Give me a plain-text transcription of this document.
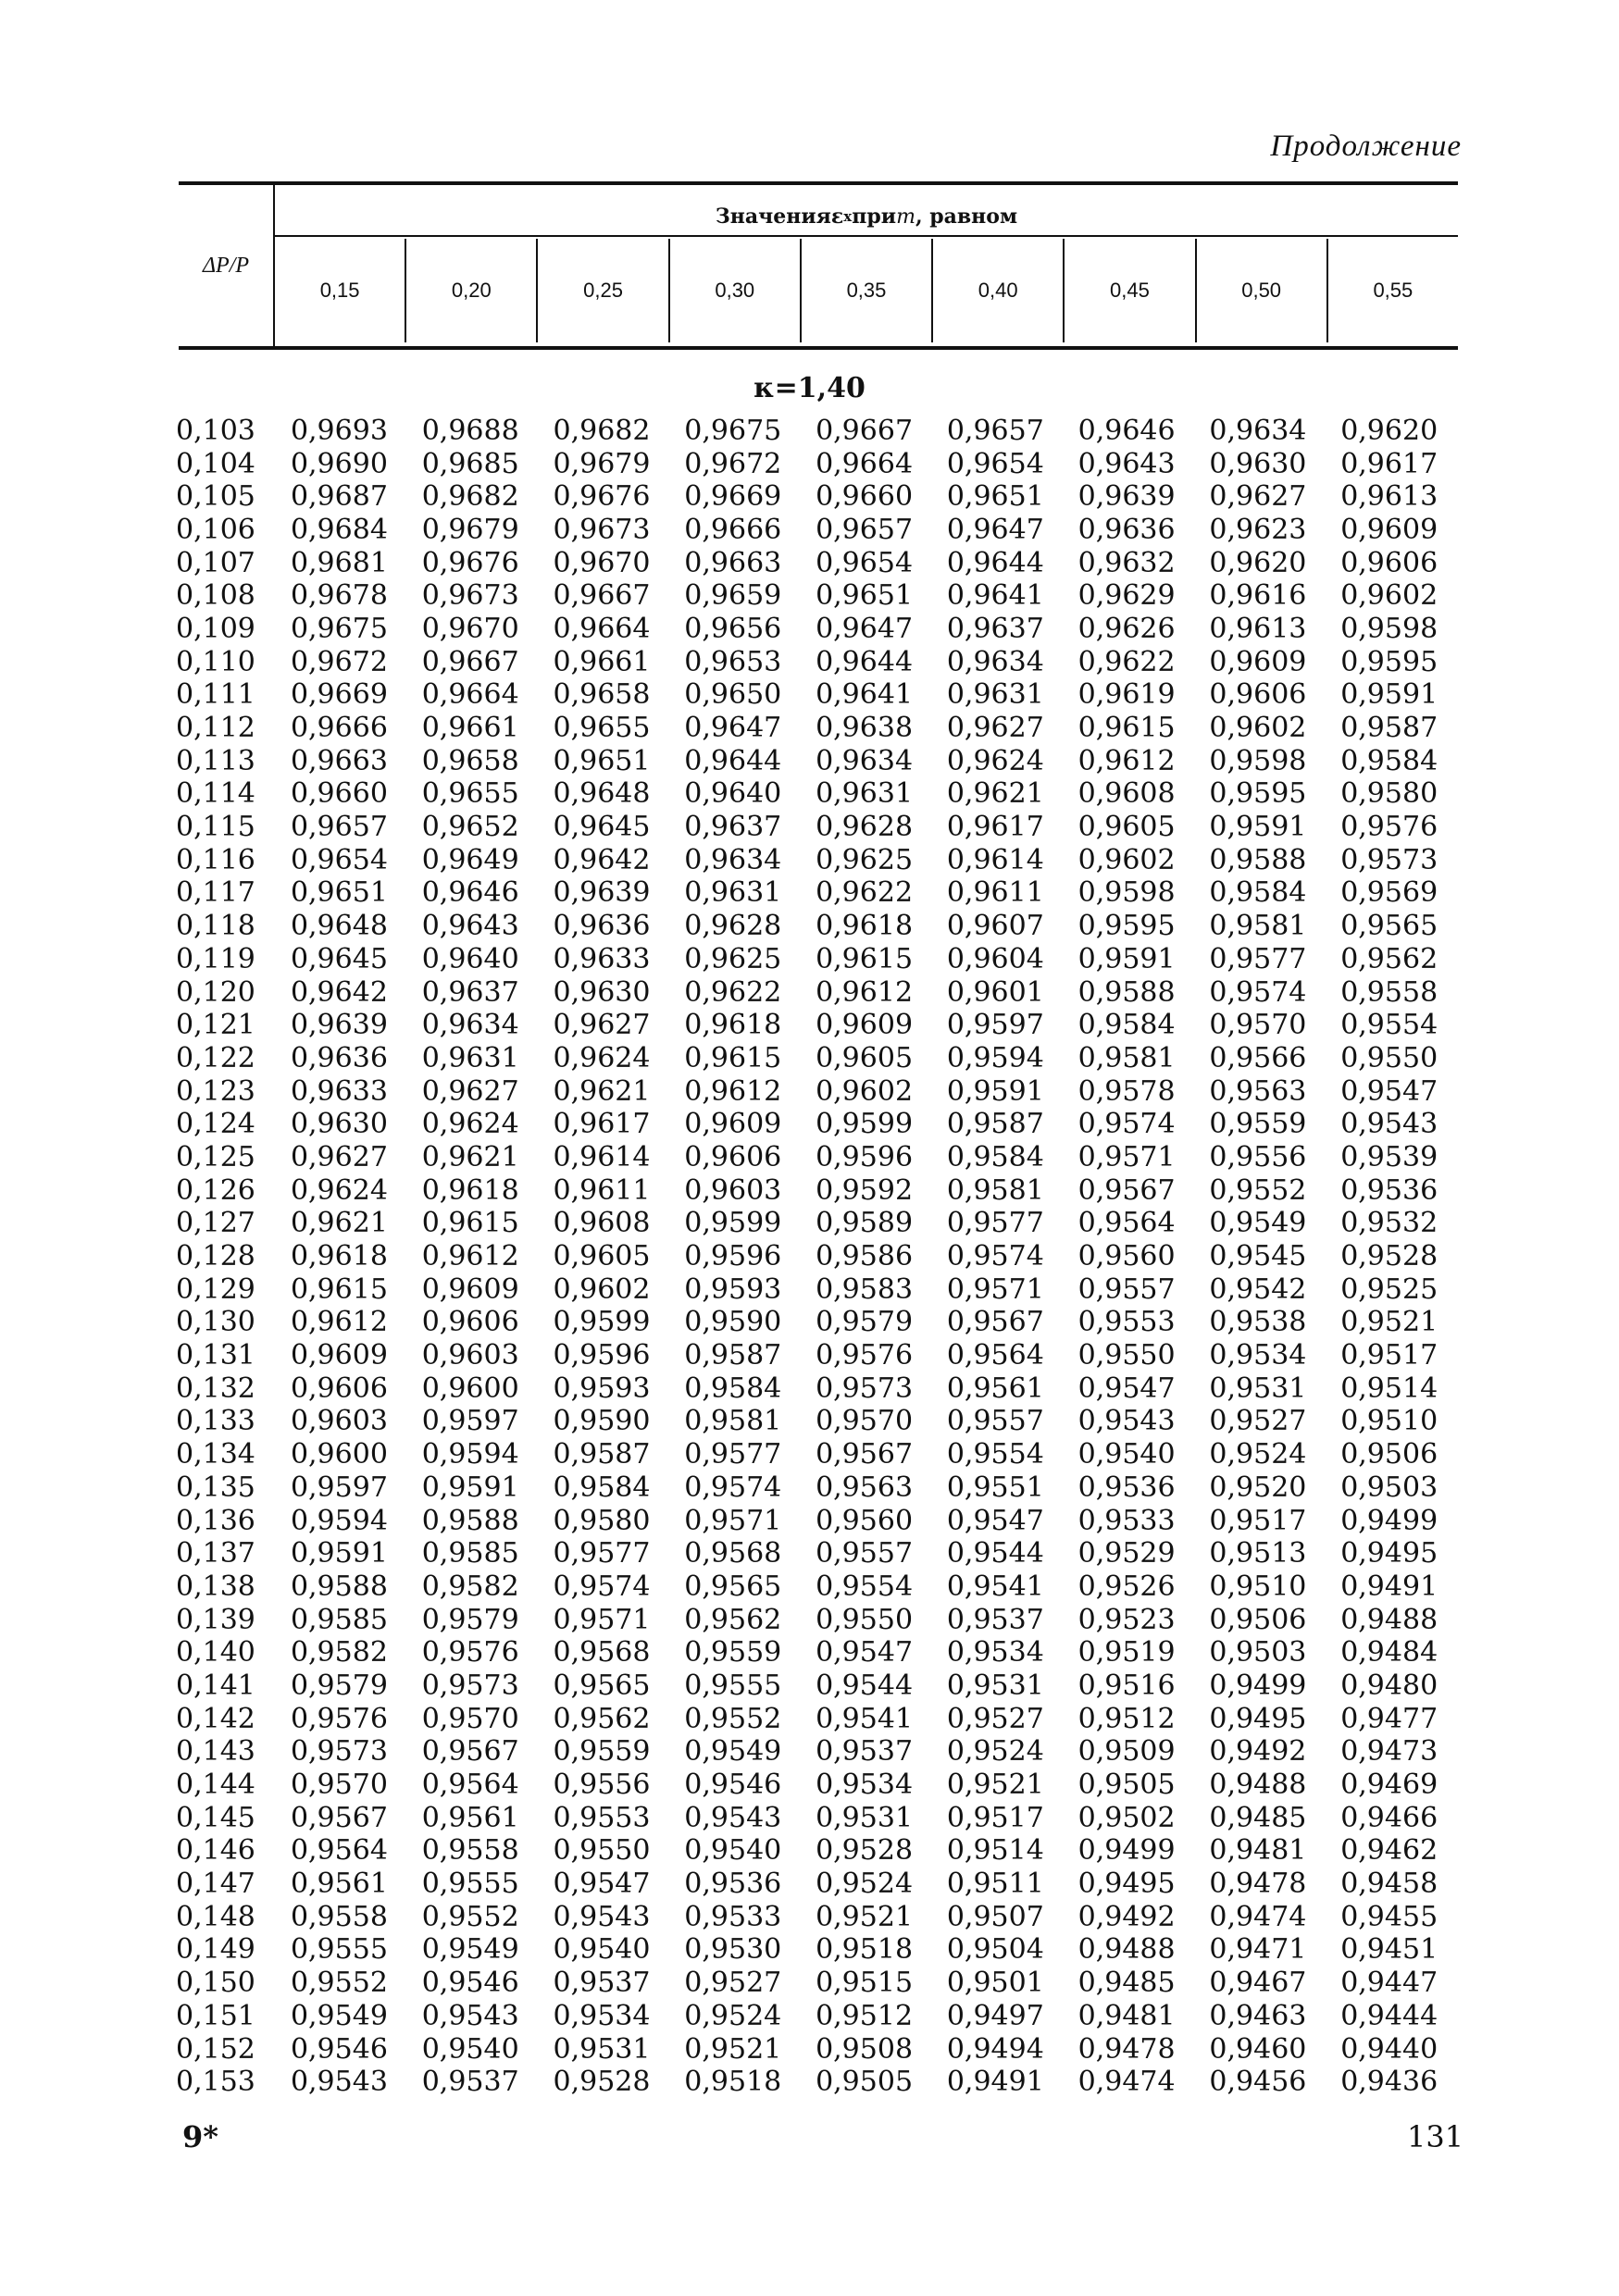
Продолжение
ΔP/P
Значения ε x при m , равном
0,15	0,20	0,25	0,30	0,35	0,40	0,45	0,50	0,55
κ=1,40
0,103	0,9693	0,9688	0,9682	0,9675	0,9667	0,9657	0,9646	0,9634	0,9620
0,104	0,9690	0,9685	0,9679	0,9672	0,9664	0,9654	0,9643	0,9630	0,9617
0,105	0,9687	0,9682	0,9676	0,9669	0,9660	0,9651	0,9639	0,9627	0,9613
0,106	0,9684	0,9679	0,9673	0,9666	0,9657	0,9647	0,9636	0,9623	0,9609
0,107	0,9681	0,9676	0,9670	0,9663	0,9654	0,9644	0,9632	0,9620	0,9606
0,108	0,9678	0,9673	0,9667	0,9659	0,9651	0,9641	0,9629	0,9616	0,9602
0,109	0,9675	0,9670	0,9664	0,9656	0,9647	0,9637	0,9626	0,9613	0,9598
0,110	0,9672	0,9667	0,9661	0,9653	0,9644	0,9634	0,9622	0,9609	0,9595
0,111	0,9669	0,9664	0,9658	0,9650	0,9641	0,9631	0,9619	0,9606	0,9591
0,112	0,9666	0,9661	0,9655	0,9647	0,9638	0,9627	0,9615	0,9602	0,9587
0,113	0,9663	0,9658	0,9651	0,9644	0,9634	0,9624	0,9612	0,9598	0,9584
0,114	0,9660	0,9655	0,9648	0,9640	0,9631	0,9621	0,9608	0,9595	0,9580
0,115	0,9657	0,9652	0,9645	0,9637	0,9628	0,9617	0,9605	0,9591	0,9576
0,116	0,9654	0,9649	0,9642	0,9634	0,9625	0,9614	0,9602	0,9588	0,9573
0,117	0,9651	0,9646	0,9639	0,9631	0,9622	0,9611	0,9598	0,9584	0,9569
0,118	0,9648	0,9643	0,9636	0,9628	0,9618	0,9607	0,9595	0,9581	0,9565
0,119	0,9645	0,9640	0,9633	0,9625	0,9615	0,9604	0,9591	0,9577	0,9562
0,120	0,9642	0,9637	0,9630	0,9622	0,9612	0,9601	0,9588	0,9574	0,9558
0,121	0,9639	0,9634	0,9627	0,9618	0,9609	0,9597	0,9584	0,9570	0,9554
0,122	0,9636	0,9631	0,9624	0,9615	0,9605	0,9594	0,9581	0,9566	0,9550
0,123	0,9633	0,9627	0,9621	0,9612	0,9602	0,9591	0,9578	0,9563	0,9547
0,124	0,9630	0,9624	0,9617	0,9609	0,9599	0,9587	0,9574	0,9559	0,9543
0,125	0,9627	0,9621	0,9614	0,9606	0,9596	0,9584	0,9571	0,9556	0,9539
0,126	0,9624	0,9618	0,9611	0,9603	0,9592	0,9581	0,9567	0,9552	0,9536
0,127	0,9621	0,9615	0,9608	0,9599	0,9589	0,9577	0,9564	0,9549	0,9532
0,128	0,9618	0,9612	0,9605	0,9596	0,9586	0,9574	0,9560	0,9545	0,9528
0,129	0,9615	0,9609	0,9602	0,9593	0,9583	0,9571	0,9557	0,9542	0,9525
0,130	0,9612	0,9606	0,9599	0,9590	0,9579	0,9567	0,9553	0,9538	0,9521
0,131	0,9609	0,9603	0,9596	0,9587	0,9576	0,9564	0,9550	0,9534	0,9517
0,132	0,9606	0,9600	0,9593	0,9584	0,9573	0,9561	0,9547	0,9531	0,9514
0,133	0,9603	0,9597	0,9590	0,9581	0,9570	0,9557	0,9543	0,9527	0,9510
0,134	0,9600	0,9594	0,9587	0,9577	0,9567	0,9554	0,9540	0,9524	0,9506
0,135	0,9597	0,9591	0,9584	0,9574	0,9563	0,9551	0,9536	0,9520	0,9503
0,136	0,9594	0,9588	0,9580	0,9571	0,9560	0,9547	0,9533	0,9517	0,9499
0,137	0,9591	0,9585	0,9577	0,9568	0,9557	0,9544	0,9529	0,9513	0,9495
0,138	0,9588	0,9582	0,9574	0,9565	0,9554	0,9541	0,9526	0,9510	0,9491
0,139	0,9585	0,9579	0,9571	0,9562	0,9550	0,9537	0,9523	0,9506	0,9488
0,140	0,9582	0,9576	0,9568	0,9559	0,9547	0,9534	0,9519	0,9503	0,9484
0,141	0,9579	0,9573	0,9565	0,9555	0,9544	0,9531	0,9516	0,9499	0,9480
0,142	0,9576	0,9570	0,9562	0,9552	0,9541	0,9527	0,9512	0,9495	0,9477
0,143	0,9573	0,9567	0,9559	0,9549	0,9537	0,9524	0,9509	0,9492	0,9473
0,144	0,9570	0,9564	0,9556	0,9546	0,9534	0,9521	0,9505	0,9488	0,9469
0,145	0,9567	0,9561	0,9553	0,9543	0,9531	0,9517	0,9502	0,9485	0,9466
0,146	0,9564	0,9558	0,9550	0,9540	0,9528	0,9514	0,9499	0,9481	0,9462
0,147	0,9561	0,9555	0,9547	0,9536	0,9524	0,9511	0,9495	0,9478	0,9458
0,148	0,9558	0,9552	0,9543	0,9533	0,9521	0,9507	0,9492	0,9474	0,9455
0,149	0,9555	0,9549	0,9540	0,9530	0,9518	0,9504	0,9488	0,9471	0,9451
0,150	0,9552	0,9546	0,9537	0,9527	0,9515	0,9501	0,9485	0,9467	0,9447
0,151	0,9549	0,9543	0,9534	0,9524	0,9512	0,9497	0,9481	0,9463	0,9444
0,152	0,9546	0,9540	0,9531	0,9521	0,9508	0,9494	0,9478	0,9460	0,9440
0,153	0,9543	0,9537	0,9528	0,9518	0,9505	0,9491	0,9474	0,9456	0,9436
9*	131
